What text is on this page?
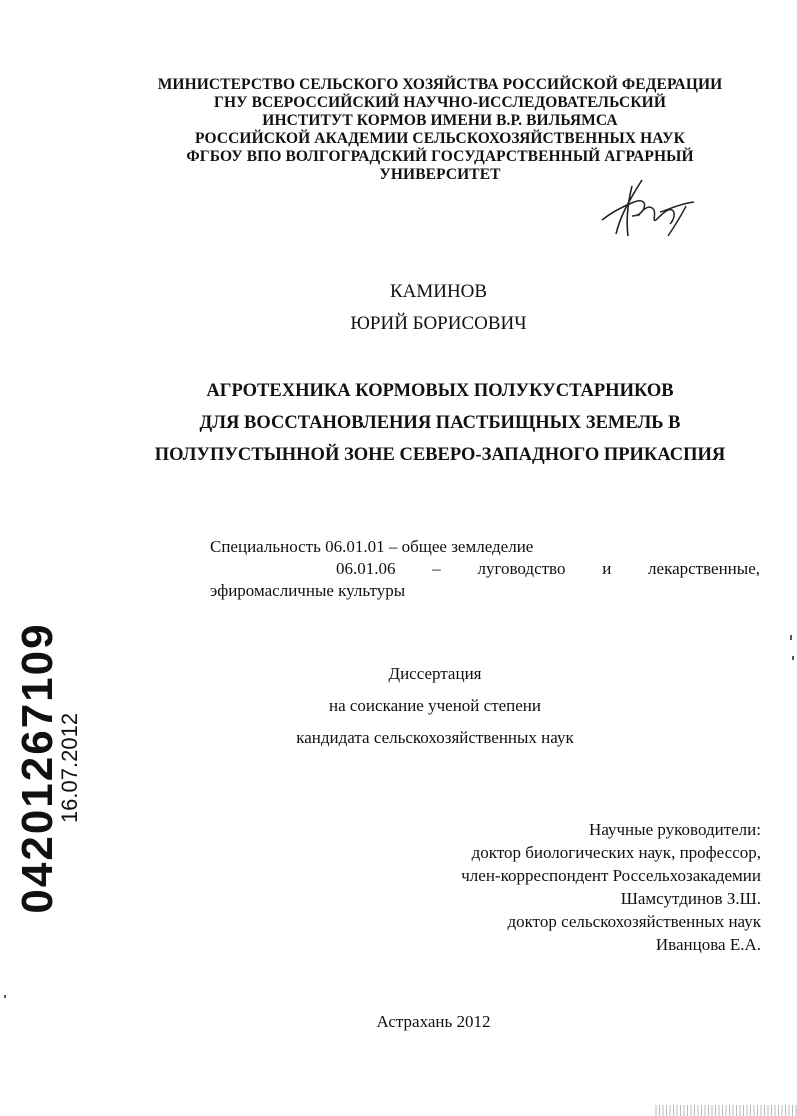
МИНИСТЕРСТВО СЕЛЬСКОГО ХОЗЯЙСТВА РОССИЙСКОЙ ФЕДЕРАЦИИ
ГНУ ВСЕРОССИЙСКИЙ НАУЧНО-ИССЛЕДОВАТЕЛЬСКИЙ
ИНСТИТУТ КОРМОВ ИМЕНИ В.Р. ВИЛЬЯМСА
РОССИЙСКОЙ АКАДЕМИИ СЕЛЬСКОХОЗЯЙСТВЕННЫХ НАУК
ФГБОУ ВПО ВОЛГОГРАДСКИЙ ГОСУДАРСТВЕННЫЙ АГРАРНЫЙ
УНИВЕРСИТЕТ
КАМИНОВ
ЮРИЙ БОРИСОВИЧ
АГРОТЕХНИКА КОРМОВЫХ ПОЛУКУСТАРНИКОВ
ДЛЯ ВОССТАНОВЛЕНИЯ ПАСТБИЩНЫХ ЗЕМЕЛЬ В
ПОЛУПУСТЫННОЙ ЗОНЕ СЕВЕРО-ЗАПАДНОГО ПРИКАСПИЯ
Специальность 06.01.01 – общее земледелие
06.01.06 – луговодство и лекарственные,
эфиромасличные культуры
Диссертация
на соискание ученой степени
кандидата сельскохозяйственных наук
Научные руководители:
доктор биологических наук, профессор,
член-корреспондент Россельхозакадемии
Шамсутдинов З.Ш.
доктор сельскохозяйственных наук
Иванцова Е.А.
Астрахань 2012
04201267109
16.07.2012
